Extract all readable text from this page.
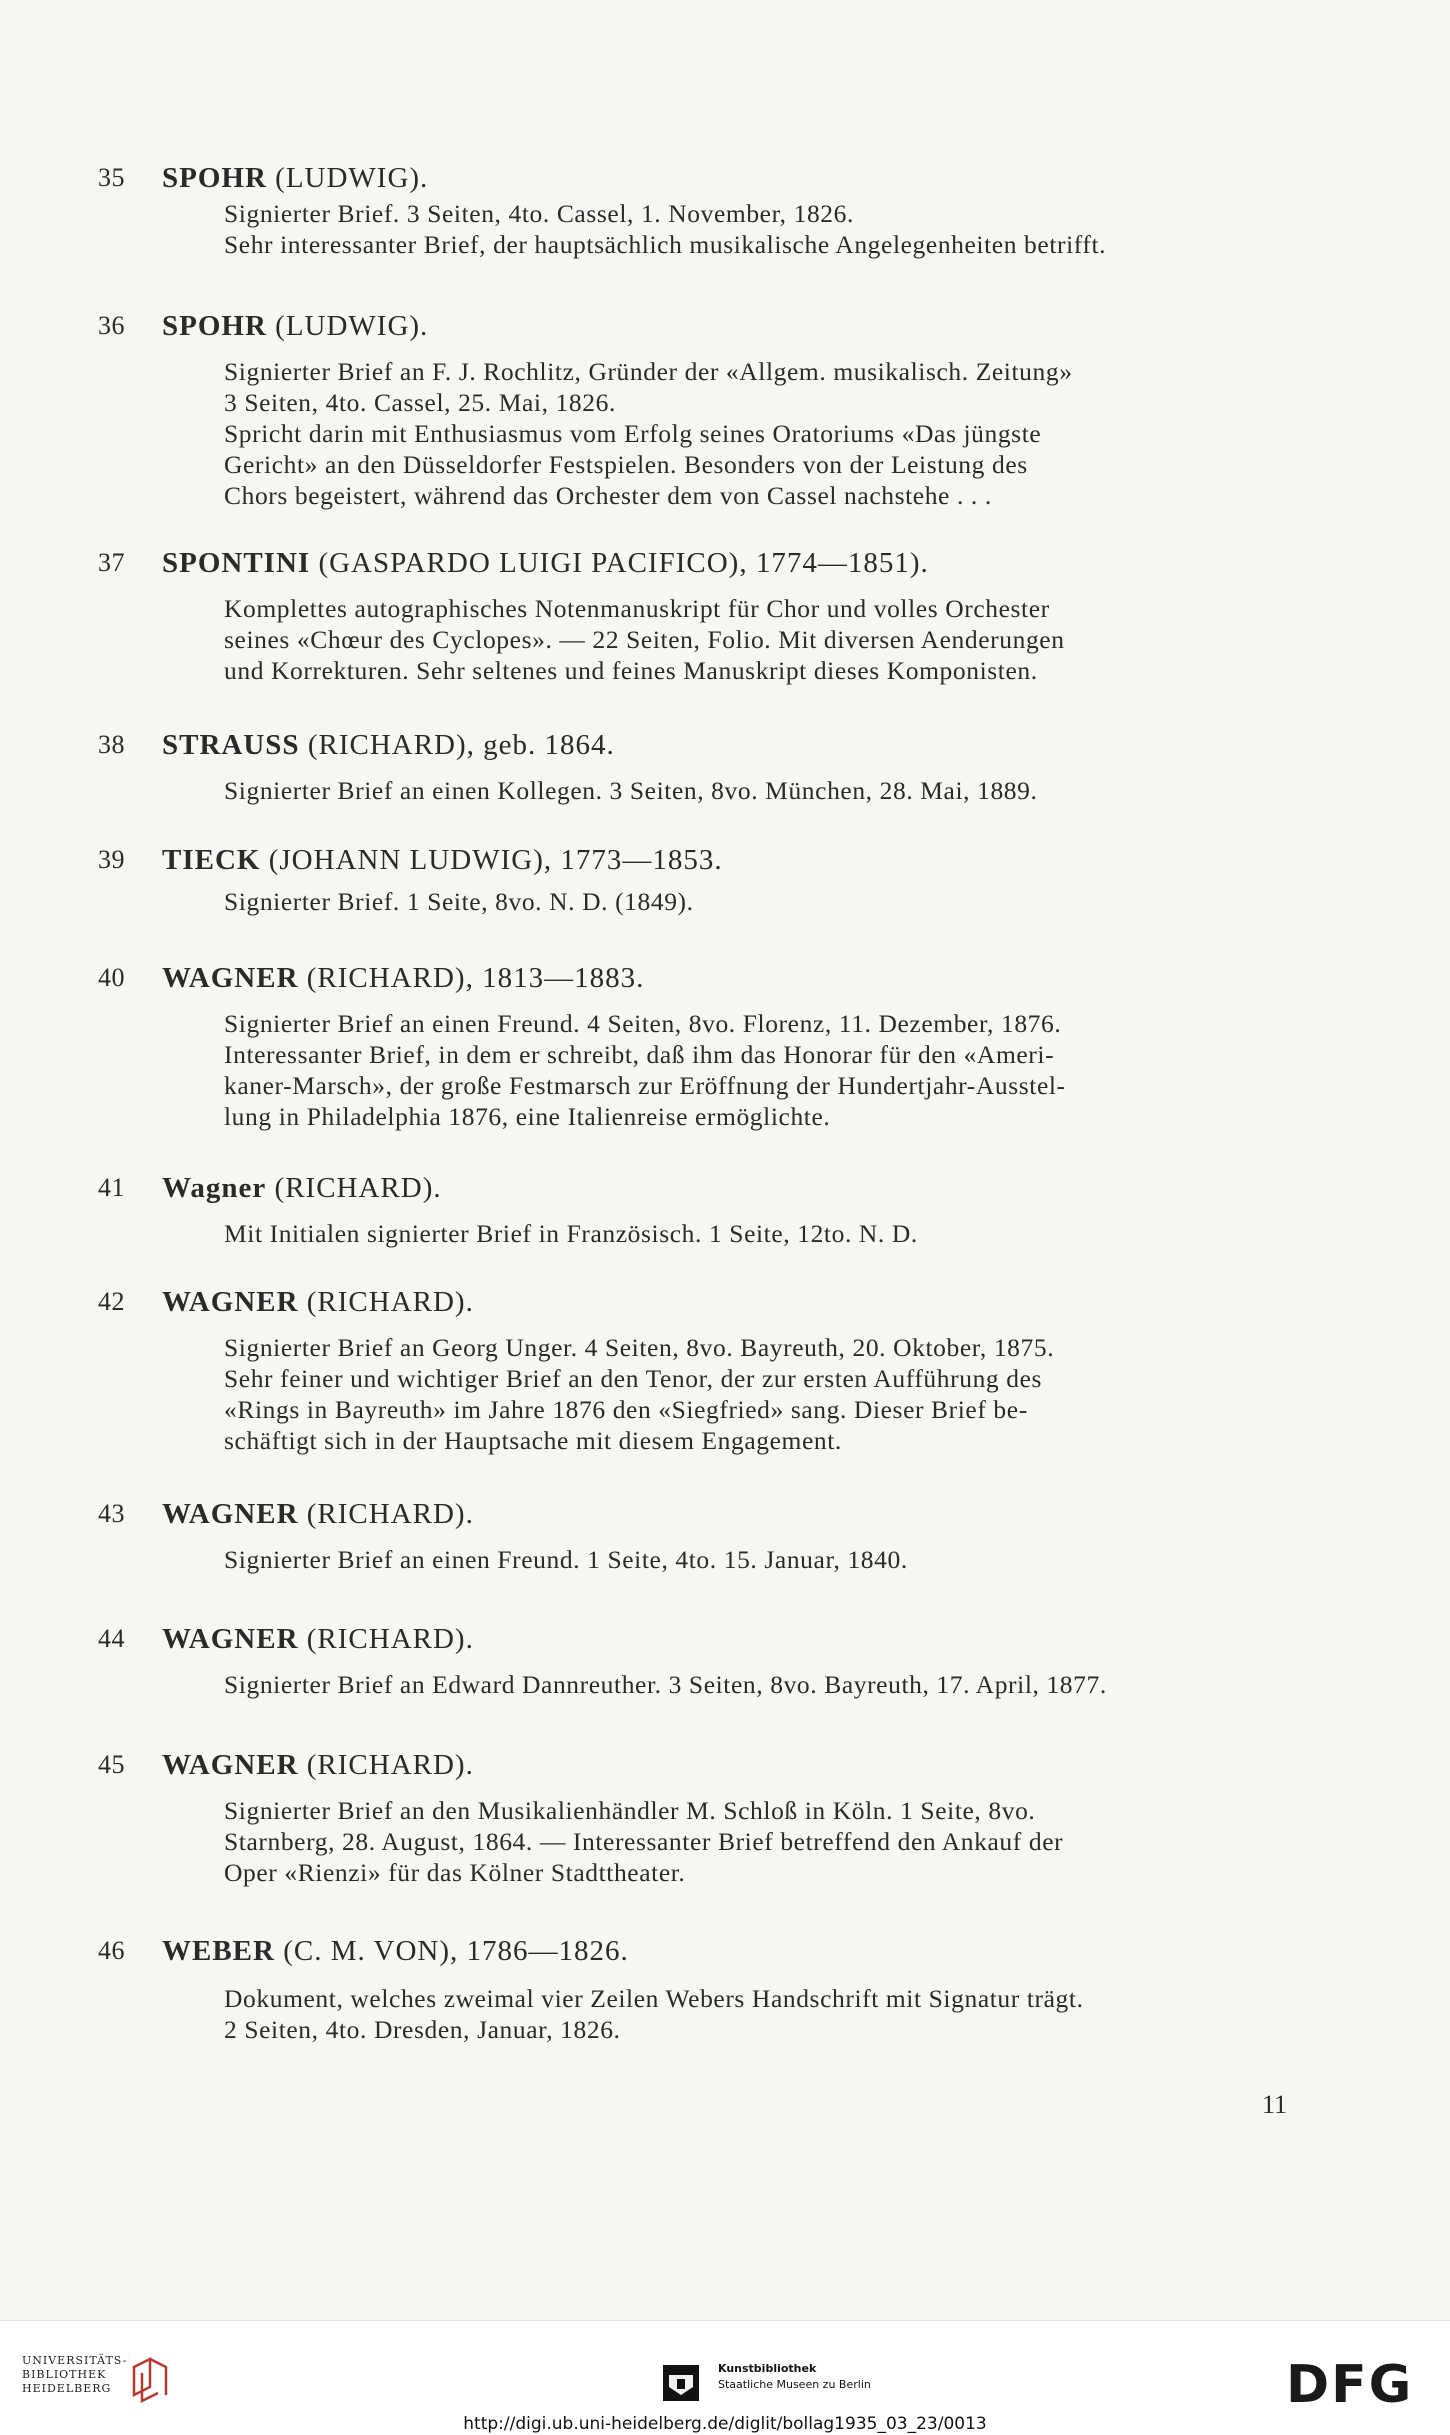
35	SPOHR (LUDWIG).

Signierter Brief. 3 Seiten, 4to. Cassel, 1. November, 1826.

Sehr interessanter Brief, der hauptsächlich musikalische Angelegenheiten betrifft.

36	SPOHR (LUDWIG).

Signierter Brief an F. J. Rochlitz, Gründer der «Allgem. musikalisch. Zeitung»

3 Seiten, 4to. Cassel, 25. Mai, 1826.

Spricht darin mit Enthusiasmus vom Erfolg seines Oratoriums «Das jüngste

Gericht» an den Düsseldorfer Festspielen. Besonders von der Leistung des

Chors begeistert, während das Orchester dem von Cassel nachstehe . . .

37	SPONTINI (GASPARDO LUIGI PACIFICO), 1774—1851).

Komplettes autographisches Notenmanuskript für Chor und volles Orchester

seines «Chœur des Cyclopes». — 22 Seiten, Folio. Mit diversen Aenderungen

und Korrekturen. Sehr seltenes und feines Manuskript dieses Komponisten.

38	STRAUSS (RICHARD), geb. 1864.

Signierter Brief an einen Kollegen. 3 Seiten, 8vo. München, 28. Mai, 1889.

39	TIECK (JOHANN LUDWIG), 1773—1853.

Signierter Brief. 1 Seite, 8vo. N. D. (1849).

40	WAGNER (RICHARD), 1813—1883.

Signierter Brief an einen Freund. 4 Seiten, 8vo. Florenz, 11. Dezember, 1876.

Interessanter Brief, in dem er schreibt, daß ihm das Honorar für den «Ameri-

kaner-Marsch», der große Festmarsch zur Eröffnung der Hundertjahr-Ausstel-

lung in Philadelphia 1876, eine Italienreise ermöglichte.

41	Wagner (RICHARD).

Mit Initialen signierter Brief in Französisch. 1 Seite, 12to. N. D.

42	WAGNER (RICHARD).

Signierter Brief an Georg Unger. 4 Seiten, 8vo. Bayreuth, 20. Oktober, 1875.

Sehr feiner und wichtiger Brief an den Tenor, der zur ersten Aufführung des

«Rings in Bayreuth» im Jahre 1876 den «Siegfried» sang. Dieser Brief be-

schäftigt sich in der Hauptsache mit diesem Engagement.

43	WAGNER (RICHARD).

Signierter Brief an einen Freund. 1 Seite, 4to. 15. Januar, 1840.

44	WAGNER (RICHARD).

Signierter Brief an Edward Dannreuther. 3 Seiten, 8vo. Bayreuth, 17. April, 1877.

45	WAGNER (RICHARD).

Signierter Brief an den Musikalienhändler M. Schloß in Köln. 1 Seite, 8vo.

Starnberg, 28. August, 1864. — Interessanter Brief betreffend den Ankauf der

Oper «Rienzi» für das Kölner Stadttheater.

46	WEBER (C. M. VON), 1786—1826.

Dokument, welches zweimal vier Zeilen Webers Handschrift mit Signatur trägt.

2 Seiten, 4to. Dresden, Januar, 1826.

11
UNIVERSITÄTS-
BIBLIOTHEK
HEIDELBERG
Kunstbibliothek
Staatliche Museen zu Berlin	DFG
http://digi.ub.uni-heidelberg.de/diglit/bollag1935_03_23/0013
